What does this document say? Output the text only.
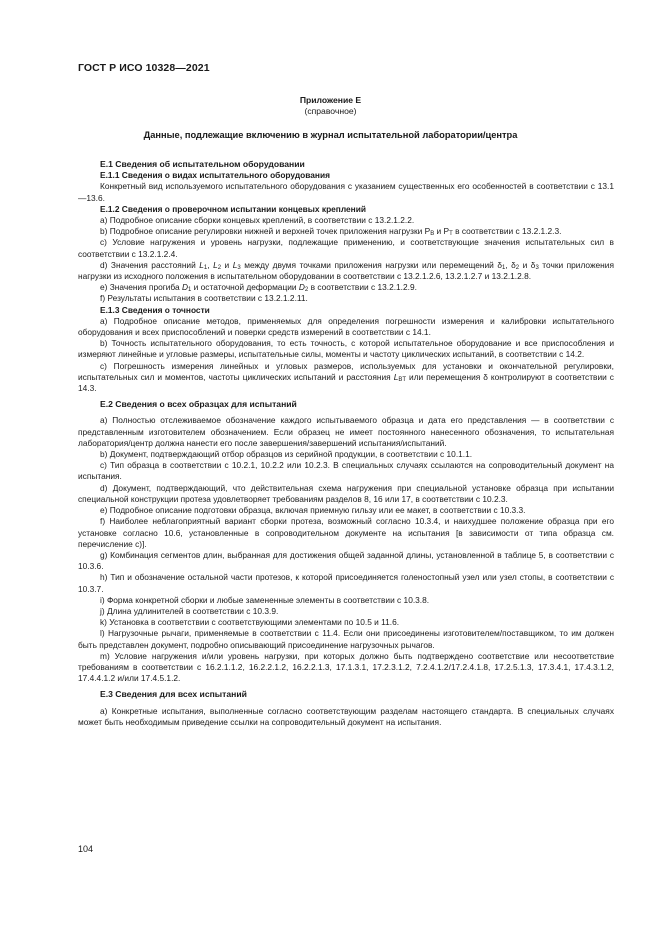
ГОСТ Р ИСО 10328—2021
Приложение Е
(справочное)
Данные, подлежащие включению в журнал испытательной лаборатории/центра
Е.1 Сведения об испытательном оборудовании
Е.1.1 Сведения о видах испытательного оборудования

Конкретный вид используемого испытательного оборудования с указанием существенных его особенностей в соответствии с 13.1—13.6.

Е.1.2 Сведения о проверочном испытании концевых креплений

а) Подробное описание сборки концевых креплений, в соответствии с 13.2.1.2.2.

b) Подробное описание регулировки нижней и верхней точек приложения нагрузки $P_B$ и $P_T$ в соответствии с 13.2.1.2.3.

с) Условие нагружения и уровень нагрузки, подлежащие применению, и соответствующие значения испытательных сил в соответствии с 13.2.1.2.4.

d) Значения расстояний $L_1$, $L_2$ и $L_3$ между двумя точками приложения нагрузки или перемещений $\delta_1$, $\delta_2$ и $\delta_3$ точки приложения нагрузки из исходного положения в испытательном оборудовании в соответствии с 13.2.1.2.6, 13.2.1.2.7 и 13.2.1.2.8.

е) Значения прогиба $D_1$ и остаточной деформации $D_2$ в соответствии с 13.2.1.2.9.

f) Результаты испытания в соответствии с 13.2.1.2.11.

Е.1.3 Сведения о точности

а) Подробное описание методов, применяемых для определения погрешности измерения и калибровки испытательного оборудования и всех приспособлений и поверки средств измерений в соответствии с 14.1.

b) Точность испытательного оборудования, то есть точность, с которой испытательное оборудование и все приспособления и измеряют линейные и угловые размеры, испытательные силы, моменты и частоту циклических испытаний, в соответствии с 14.2.

с) Погрешность измерения линейных и угловых размеров, используемых для установки и окончательной регулировки, испытательных сил и моментов, частоты циклических испытаний и расстояния $L_{BT}$ или перемещения δ контролируют в соответствии с 14.3.

Е.2 Сведения о всех образцах для испытаний

а) Полностью отслеживаемое обозначение каждого испытываемого образца и дата его представления — в соответствии с представленным изготовителем обозначением. Если образец не имеет постоянного нанесенного обозначения, то испытательная лаборатория/центр должна нанести его после завершения/завершений испытания/испытаний.

b) Документ, подтверждающий отбор образцов из серийной продукции, в соответствии с 10.1.1.

с) Тип образца в соответствии с 10.2.1, 10.2.2 или 10.2.3. В специальных случаях ссылаются на сопроводительный документ на испытания.

d) Документ, подтверждающий, что действительная схема нагружения при специальной установке образца при испытании специальной конструкции протеза удовлетворяет требованиям разделов 8, 16 или 17, в соответствии с 10.2.3.

е) Подробное описание подготовки образца, включая приемную гильзу или ее макет, в соответствии с 10.3.3.

f) Наиболее неблагоприятный вариант сборки протеза, возможный согласно 10.3.4, и наихудшее положение образца при его установке согласно 10.6, установленные в сопроводительном документе на испытания [в зависимости от типа образца см. перечисление с)].

g) Комбинация сегментов длин, выбранная для достижения общей заданной длины, установленной в таблице 5, в соответствии с 10.3.6.

h) Тип и обозначение остальной части протезов, к которой присоединяется голеностопный узел или узел стопы, в соответствии с 10.3.7.

i) Форма конкретной сборки и любые замененные элементы в соответствии с 10.3.8.

j) Длина удлинителей в соответствии с 10.3.9.

k) Установка в соответствии с соответствующими элементами по 10.5 и 11.6.

l) Нагрузочные рычаги, применяемые в соответствии с 11.4. Если они присоединены изготовителем/поставщиком, то им должен быть представлен документ, подробно описывающий присоединение нагрузочных рычагов.

m) Условие нагружения и/или уровень нагрузки, при которых должно быть подтверждено соответствие или несоответствие требованиям в соответствии с 16.2.1.1.2, 16.2.2.1.2, 16.2.2.1.3, 17.1.3.1, 17.2.3.1.2, 7.2.4.1.2/17.2.4.1.8, 17.2.5.1.3, 17.3.4.1, 17.4.3.1.2, 17.4.4.1.2 и/или 17.4.5.1.2.

Е.3 Сведения для всех испытаний

а) Конкретные испытания, выполненные согласно соответствующим разделам настоящего стандарта. В специальных случаях может быть необходимым приведение ссылки на сопроводительный документ на испытания.

104
